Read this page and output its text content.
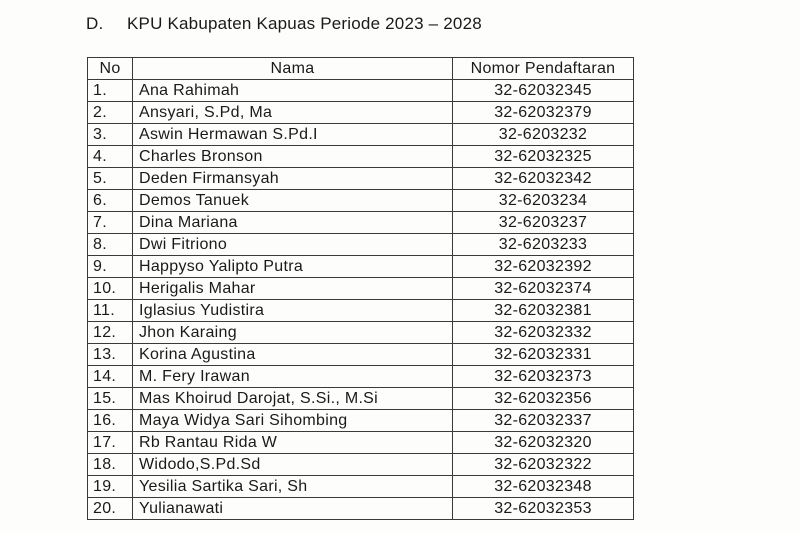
D. KPU Kabupaten Kapuas Periode 2023 – 2028
No	Nama	Nomor Pendaftaran
1.	Ana Rahimah	32-62032345
2.	Ansyari, S.Pd, Ma	32-62032379
3.	Aswin Hermawan S.Pd.I	32-6203232
4.	Charles Bronson	32-62032325
5.	Deden Firmansyah	32-62032342
6.	Demos Tanuek	32-6203234
7.	Dina Mariana	32-6203237
8.	Dwi Fitriono	32-6203233
9.	Happyso Yalipto Putra	32-62032392
10.	Herigalis Mahar	32-62032374
11.	Iglasius Yudistira	32-62032381
12.	Jhon Karaing	32-62032332
13.	Korina Agustina	32-62032331
14.	M. Fery Irawan	32-62032373
15.	Mas Khoirud Darojat, S.Si., M.Si	32-62032356
16.	Maya Widya Sari Sihombing	32-62032337
17.	Rb Rantau Rida W	32-62032320
18.	Widodo,S.Pd.Sd	32-62032322
19.	Yesilia Sartika Sari, Sh	32-62032348
20.	Yulianawati	32-62032353
